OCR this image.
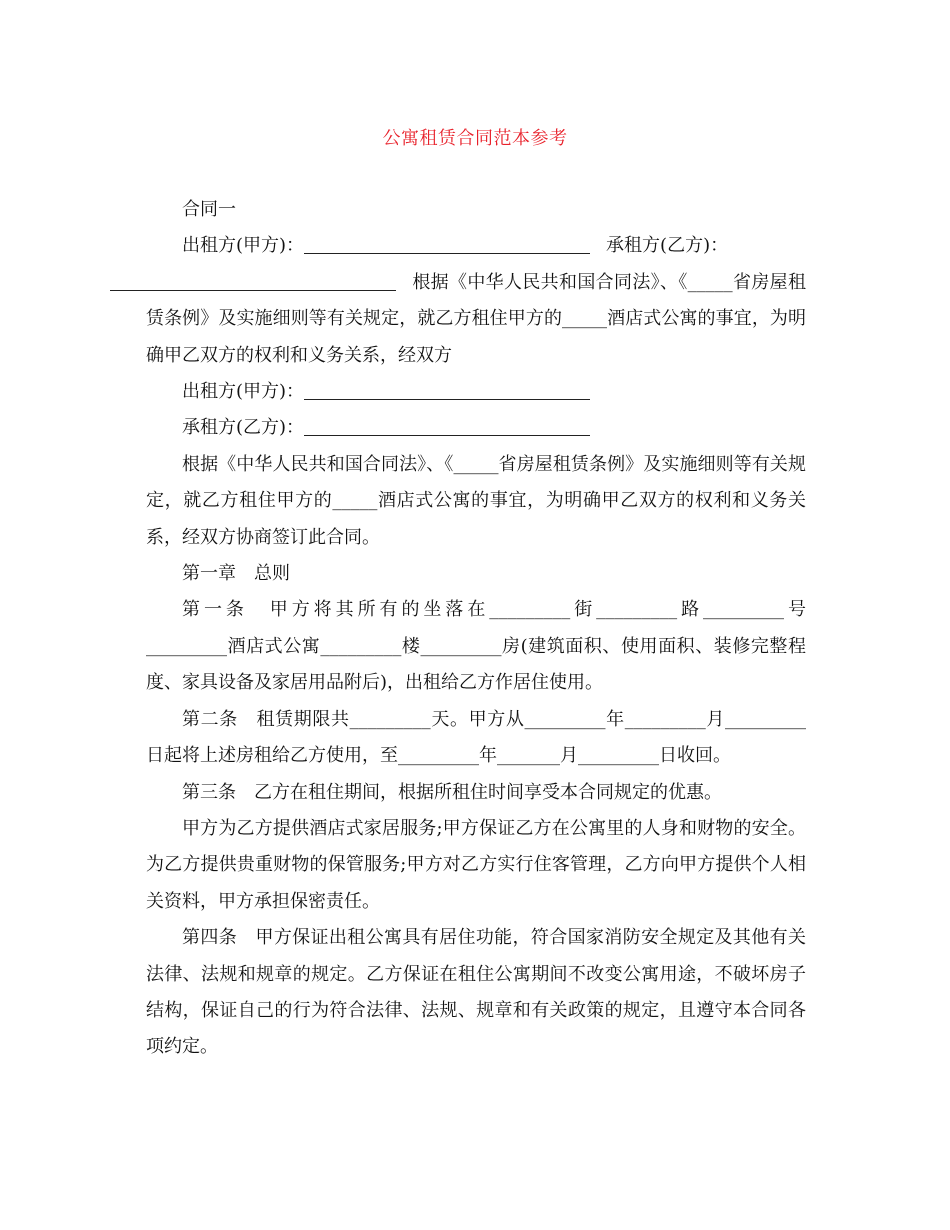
公寓租赁合同范本参考

合同一

出租方(甲方)：	承租方(乙方)：
根据《中华人民共和国合同法》、《_____省房屋租赁条例》及实施细则等有关规定，就乙方租住甲方的_____酒店式公寓的事宜，为明确甲乙双方的权利和义务关系，经双方

出租方(甲方)：

承租方(乙方)：

根据《中华人民共和国合同法》、《_____省房屋租赁条例》及实施细则等有关规定，就乙方租住甲方的_____酒店式公寓的事宜，为明确甲乙双方的权利和义务关系，经双方协商签订此合同。

第一章　总则

第一条　甲方将其所有的坐落在_________街_________路_________号_________酒店式公寓_________楼_________房(建筑面积、使用面积、装修完整程度、家具设备及家居用品附后)，出租给乙方作居住使用。

第二条　租赁期限共_________天。甲方从_________年_________月_________日起将上述房租给乙方使用，至_________年_______月_________日收回。

第三条　乙方在租住期间，根据所租住时间享受本合同规定的优惠。

甲方为乙方提供酒店式家居服务;甲方保证乙方在公寓里的人身和财物的安全。为乙方提供贵重财物的保管服务;甲方对乙方实行住客管理，乙方向甲方提供个人相关资料，甲方承担保密责任。

第四条　甲方保证出租公寓具有居住功能，符合国家消防安全规定及其他有关法律、法规和规章的规定。乙方保证在租住公寓期间不改变公寓用途，不破坏房子结构，保证自己的行为符合法律、法规、规章和有关政策的规定，且遵守本合同各项约定。
